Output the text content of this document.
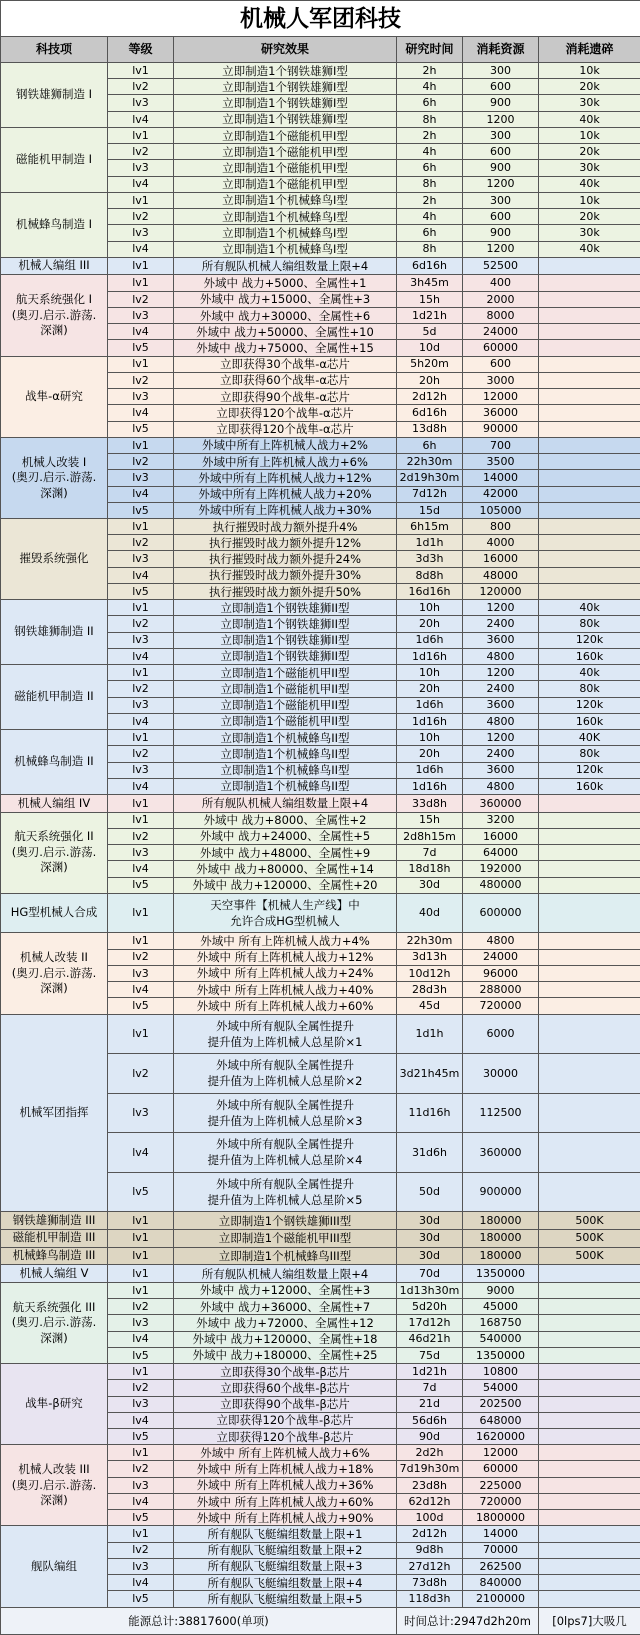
机械人军团科技					
科技项	等级	研究效果	研究时间	消耗资源	消耗遗碎
钢铁雄狮制造 I	lv1	立即制造1个钢铁雄狮I型	2h	300	10k
	lv2	立即制造1个钢铁雄狮I型	4h	600	20k
	lv3	立即制造1个钢铁雄狮I型	6h	900	30k
	lv4	立即制造1个钢铁雄狮I型	8h	1200	40k
磁能机甲制造 I	lv1	立即制造1个磁能机甲I型	2h	300	10k
	lv2	立即制造1个磁能机甲I型	4h	600	20k
	lv3	立即制造1个磁能机甲I型	6h	900	30k
	lv4	立即制造1个磁能机甲I型	8h	1200	40k
机械蜂鸟制造 I	lv1	立即制造1个机械蜂鸟I型	2h	300	10k
	lv2	立即制造1个机械蜂鸟I型	4h	600	20k
	lv3	立即制造1个机械蜂鸟I型	6h	900	30k
	lv4	立即制造1个机械蜂鸟I型	8h	1200	40k
机械人编组 III	lv1	所有舰队机械人编组数量上限+4	6d16h	52500	
航天系统强化 I
(奥刃.启示.游荡.
深渊)	lv1	外域中 战力+5000、全属性+1	3h45m	400	
	lv2	外域中 战力+15000、全属性+3	15h	2000	
	lv3	外域中 战力+30000、全属性+6	1d21h	8000	
	lv4	外域中 战力+50000、全属性+10	5d	24000	
	lv5	外域中 战力+75000、全属性+15	10d	60000	
战隼-α研究	lv1	立即获得30个战隼-α芯片	5h20m	600	
	lv2	立即获得60个战隼-α芯片	20h	3000	
	lv3	立即获得90个战隼-α芯片	2d12h	12000	
	lv4	立即获得120个战隼-α芯片	6d16h	36000	
	lv5	立即获得120个战隼-α芯片	13d8h	90000	
机械人改装 I
(奥刃.启示.游荡.
深渊)	lv1	外域中所有上阵机械人战力+2%	6h	700	
	lv2	外域中所有上阵机械人战力+6%	22h30m	3500	
	lv3	外域中所有上阵机械人战力+12%	2d19h30m	14000	
	lv4	外域中所有上阵机械人战力+20%	7d12h	42000	
	lv5	外域中所有上阵机械人战力+30%	15d	105000	
摧毁系统强化	lv1	执行摧毁时战力额外提升4%	6h15m	800	
	lv2	执行摧毁时战力额外提升12%	1d1h	4000	
	lv3	执行摧毁时战力额外提升24%	3d3h	16000	
	lv4	执行摧毁时战力额外提升30%	8d8h	48000	
	lv5	执行摧毁时战力额外提升50%	16d16h	120000	
钢铁雄狮制造 II	lv1	立即制造1个钢铁雄狮II型	10h	1200	40k
	lv2	立即制造1个钢铁雄狮II型	20h	2400	80k
	lv3	立即制造1个钢铁雄狮II型	1d6h	3600	120k
	lv4	立即制造1个钢铁雄狮II型	1d16h	4800	160k
磁能机甲制造 II	lv1	立即制造1个磁能机甲II型	10h	1200	40k
	lv2	立即制造1个磁能机甲II型	20h	2400	80k
	lv3	立即制造1个磁能机甲II型	1d6h	3600	120k
	lv4	立即制造1个磁能机甲II型	1d16h	4800	160k
机械蜂鸟制造 II	lv1	立即制造1个机械蜂鸟II型	10h	1200	40K
	lv2	立即制造1个机械蜂鸟II型	20h	2400	80k
	lv3	立即制造1个机械蜂鸟II型	1d6h	3600	120k
	lv4	立即制造1个机械蜂鸟II型	1d16h	4800	160k
机械人编组 IV	lv1	所有舰队机械人编组数量上限+4	33d8h	360000	
航天系统强化 II
(奥刃.启示.游荡.
深渊)	lv1	外域中 战力+8000、全属性+2	15h	3200	
	lv2	外域中 战力+24000、全属性+5	2d8h15m	16000	
	lv3	外域中 战力+48000、全属性+9	7d	64000	
	lv4	外域中 战力+80000、全属性+14	18d18h	192000	
	lv5	外域中 战力+120000、全属性+20	30d	480000	
HG型机械人合成	lv1	天空事件【机械人生产线】中
允许合成HG型机械人	40d	600000	
机械人改装 II
(奥刃.启示.游荡.
深渊)	lv1	外域中 所有上阵机械人战力+4%	22h30m	4800	
	lv2	外域中 所有上阵机械人战力+12%	3d13h	24000	
	lv3	外域中 所有上阵机械人战力+24%	10d12h	96000	
	lv4	外域中 所有上阵机械人战力+40%	28d3h	288000	
	lv5	外域中 所有上阵机械人战力+60%	45d	720000	
机械军团指挥	lv1	外域中所有舰队全属性提升
提升值为上阵机械人总星阶×1	1d1h	6000	
	lv2	外域中所有舰队全属性提升
提升值为上阵机械人总星阶×2	3d21h45m	30000	
	lv3	外域中所有舰队全属性提升
提升值为上阵机械人总星阶×3	11d16h	112500	
	lv4	外域中所有舰队全属性提升
提升值为上阵机械人总星阶×4	31d6h	360000	
	lv5	外域中所有舰队全属性提升
提升值为上阵机械人总星阶×5	50d	900000	
钢铁雄狮制造 III	lv1	立即制造1个钢铁雄狮III型	30d	180000	500K
磁能机甲制造 III	lv1	立即制造1个磁能机甲III型	30d	180000	500K
机械蜂鸟制造 III	lv1	立即制造1个机械蜂鸟III型	30d	180000	500K
机械人编组 V	lv1	所有舰队机械人编组数量上限+4	70d	1350000	
航天系统强化 III
(奥刃.启示.游荡.
深渊)	lv1	外域中 战力+12000、全属性+3	1d13h30m	9000	
	lv2	外域中 战力+36000、全属性+7	5d20h	45000	
	lv3	外域中 战力+72000、全属性+12	17d12h	168750	
	lv4	外域中 战力+120000、全属性+18	46d21h	540000	
	lv5	外域中 战力+180000、全属性+25	75d	1350000	
战隼-β研究	lv1	立即获得30个战隼-β芯片	1d21h	10800	
	lv2	立即获得60个战隼-β芯片	7d	54000	
	lv3	立即获得90个战隼-β芯片	21d	202500	
	lv4	立即获得120个战隼-β芯片	56d6h	648000	
	lv5	立即获得120个战隼-β芯片	90d	1620000	
机械人改装 III
(奥刃.启示.游荡.
深渊)	lv1	外域中 所有上阵机械人战力+6%	2d2h	12000	
	lv2	外域中 所有上阵机械人战力+18%	7d19h30m	60000	
	lv3	外域中 所有上阵机械人战力+36%	23d8h	225000	
	lv4	外域中 所有上阵机械人战力+60%	62d12h	720000	
	lv5	外域中 所有上阵机械人战力+90%	100d	1800000	
舰队编组	lv1	所有舰队飞艇编组数量上限+1	2d12h	14000	
	lv2	所有舰队飞艇编组数量上限+2	9d8h	70000	
	lv3	所有舰队飞艇编组数量上限+3	27d12h	262500	
	lv4	所有舰队飞艇编组数量上限+4	73d8h	840000	
	lv5	所有舰队飞艇编组数量上限+5	118d3h	2100000	
能源总计:38817600(单项)			时间总计:2947d2h20m		[0lps7]大吸几
